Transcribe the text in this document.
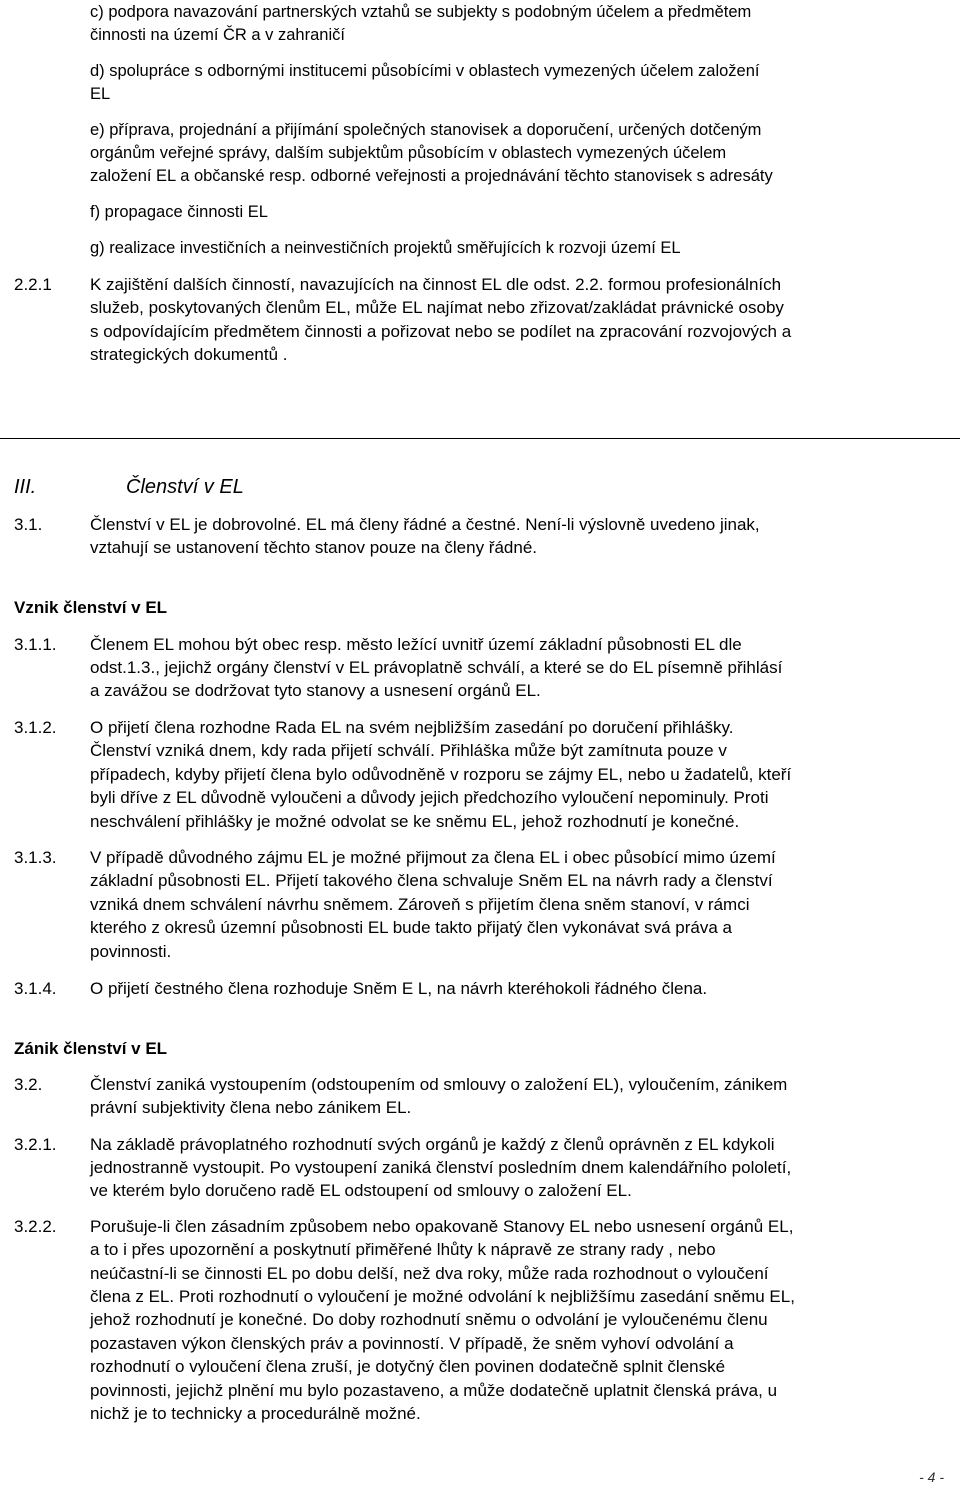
c) podpora navazování partnerských vztahů se subjekty s podobným účelem a předmětem

činnosti na území ČR a v zahraničí

d) spolupráce s odbornými institucemi působícími v oblastech vymezených účelem založení

EL

e) příprava, projednání a přijímání společných stanovisek a doporučení, určených dotčeným

orgánům veřejné správy, dalším subjektům působícím v oblastech vymezených účelem

založení EL a občanské resp. odborné veřejnosti a projednávání těchto stanovisek s adresáty

f) propagace činnosti EL

g) realizace investičních a neinvestičních projektů směřujících k rozvoji území EL

2.2.1 K zajištění dalších činností, navazujících na činnost EL dle odst. 2.2. formou profesionálních

služeb, poskytovaných členům EL, může EL najímat nebo zřizovat/zakládat právnické osoby

s odpovídajícím předmětem činnosti a pořizovat nebo se podílet na zpracování rozvojových a

strategických dokumentů .

III.	Členství v EL

3.1.	Členství v EL je dobrovolné. EL má členy řádné a čestné. Není-li výslovně uvedeno jinak,

vztahují se ustanovení těchto stanov pouze na členy řádné.

Vznik členství v EL

3.1.1. Členem EL mohou být obec resp. město ležící uvnitř území základní působnosti EL dle

odst.1.3., jejichž orgány členství v EL právoplatně schválí, a které se do EL písemně přihlásí

a zavážou se dodržovat tyto stanovy a usnesení orgánů EL.

3.1.2. O přijetí člena rozhodne Rada EL na svém nejbližším zasedání po doručení přihlášky.

Členství vzniká dnem, kdy rada přijetí schválí. Přihláška může být zamítnuta pouze v

případech, kdyby přijetí člena bylo odůvodněně v rozporu se zájmy EL, nebo u žadatelů, kteří

byli dříve z EL důvodně vyloučeni a důvody jejich předchozího vyloučení nepominuly. Proti

neschválení přihlášky je možné odvolat se ke sněmu EL, jehož rozhodnutí je konečné.

3.1.3. V případě důvodného zájmu EL je možné přijmout za člena EL i obec působící mimo území

základní působnosti EL. Přijetí takového člena schvaluje Sněm EL na návrh rady a členství

vzniká dnem schválení návrhu sněmem. Zároveň s přijetím člena sněm stanoví, v rámci

kterého z okresů územní působnosti EL bude takto přijatý člen vykonávat svá práva a

povinnosti.

3.1.4. O přijetí čestného člena rozhoduje Sněm E L, na návrh kteréhokoli řádného člena.

Zánik členství v EL

3.2.	Členství zaniká vystoupením (odstoupením od smlouvy o založení EL), vyloučením, zánikem

právní subjektivity člena nebo zánikem EL.

3.2.1. Na základě právoplatného rozhodnutí svých orgánů je každý z členů oprávněn z EL kdykoli

jednostranně vystoupit. Po vystoupení zaniká členství posledním dnem kalendářního pololetí,

ve kterém bylo doručeno radě EL odstoupení od smlouvy o založení EL.

3.2.2. Porušuje-li člen zásadním způsobem nebo opakovaně Stanovy EL nebo usnesení orgánů EL,

a to i přes upozornění a poskytnutí přiměřené lhůty k nápravě ze strany rady , nebo

neúčastní-li se činnosti EL po dobu delší, než dva roky, může rada rozhodnout o vyloučení

člena z EL. Proti rozhodnutí o vyloučení je možné odvolání k nejbližšímu zasedání sněmu EL,

jehož rozhodnutí je konečné. Do doby rozhodnutí sněmu o odvolání je vyloučenému členu

pozastaven výkon členských práv a povinností. V případě, že sněm vyhoví odvolání a

rozhodnutí o vyloučení člena zruší, je dotyčný člen povinen dodatečně splnit členské

povinnosti, jejichž plnění mu bylo pozastaveno, a může dodatečně uplatnit členská práva, u

nichž je to technicky a procedurálně možné.

- 4 -
